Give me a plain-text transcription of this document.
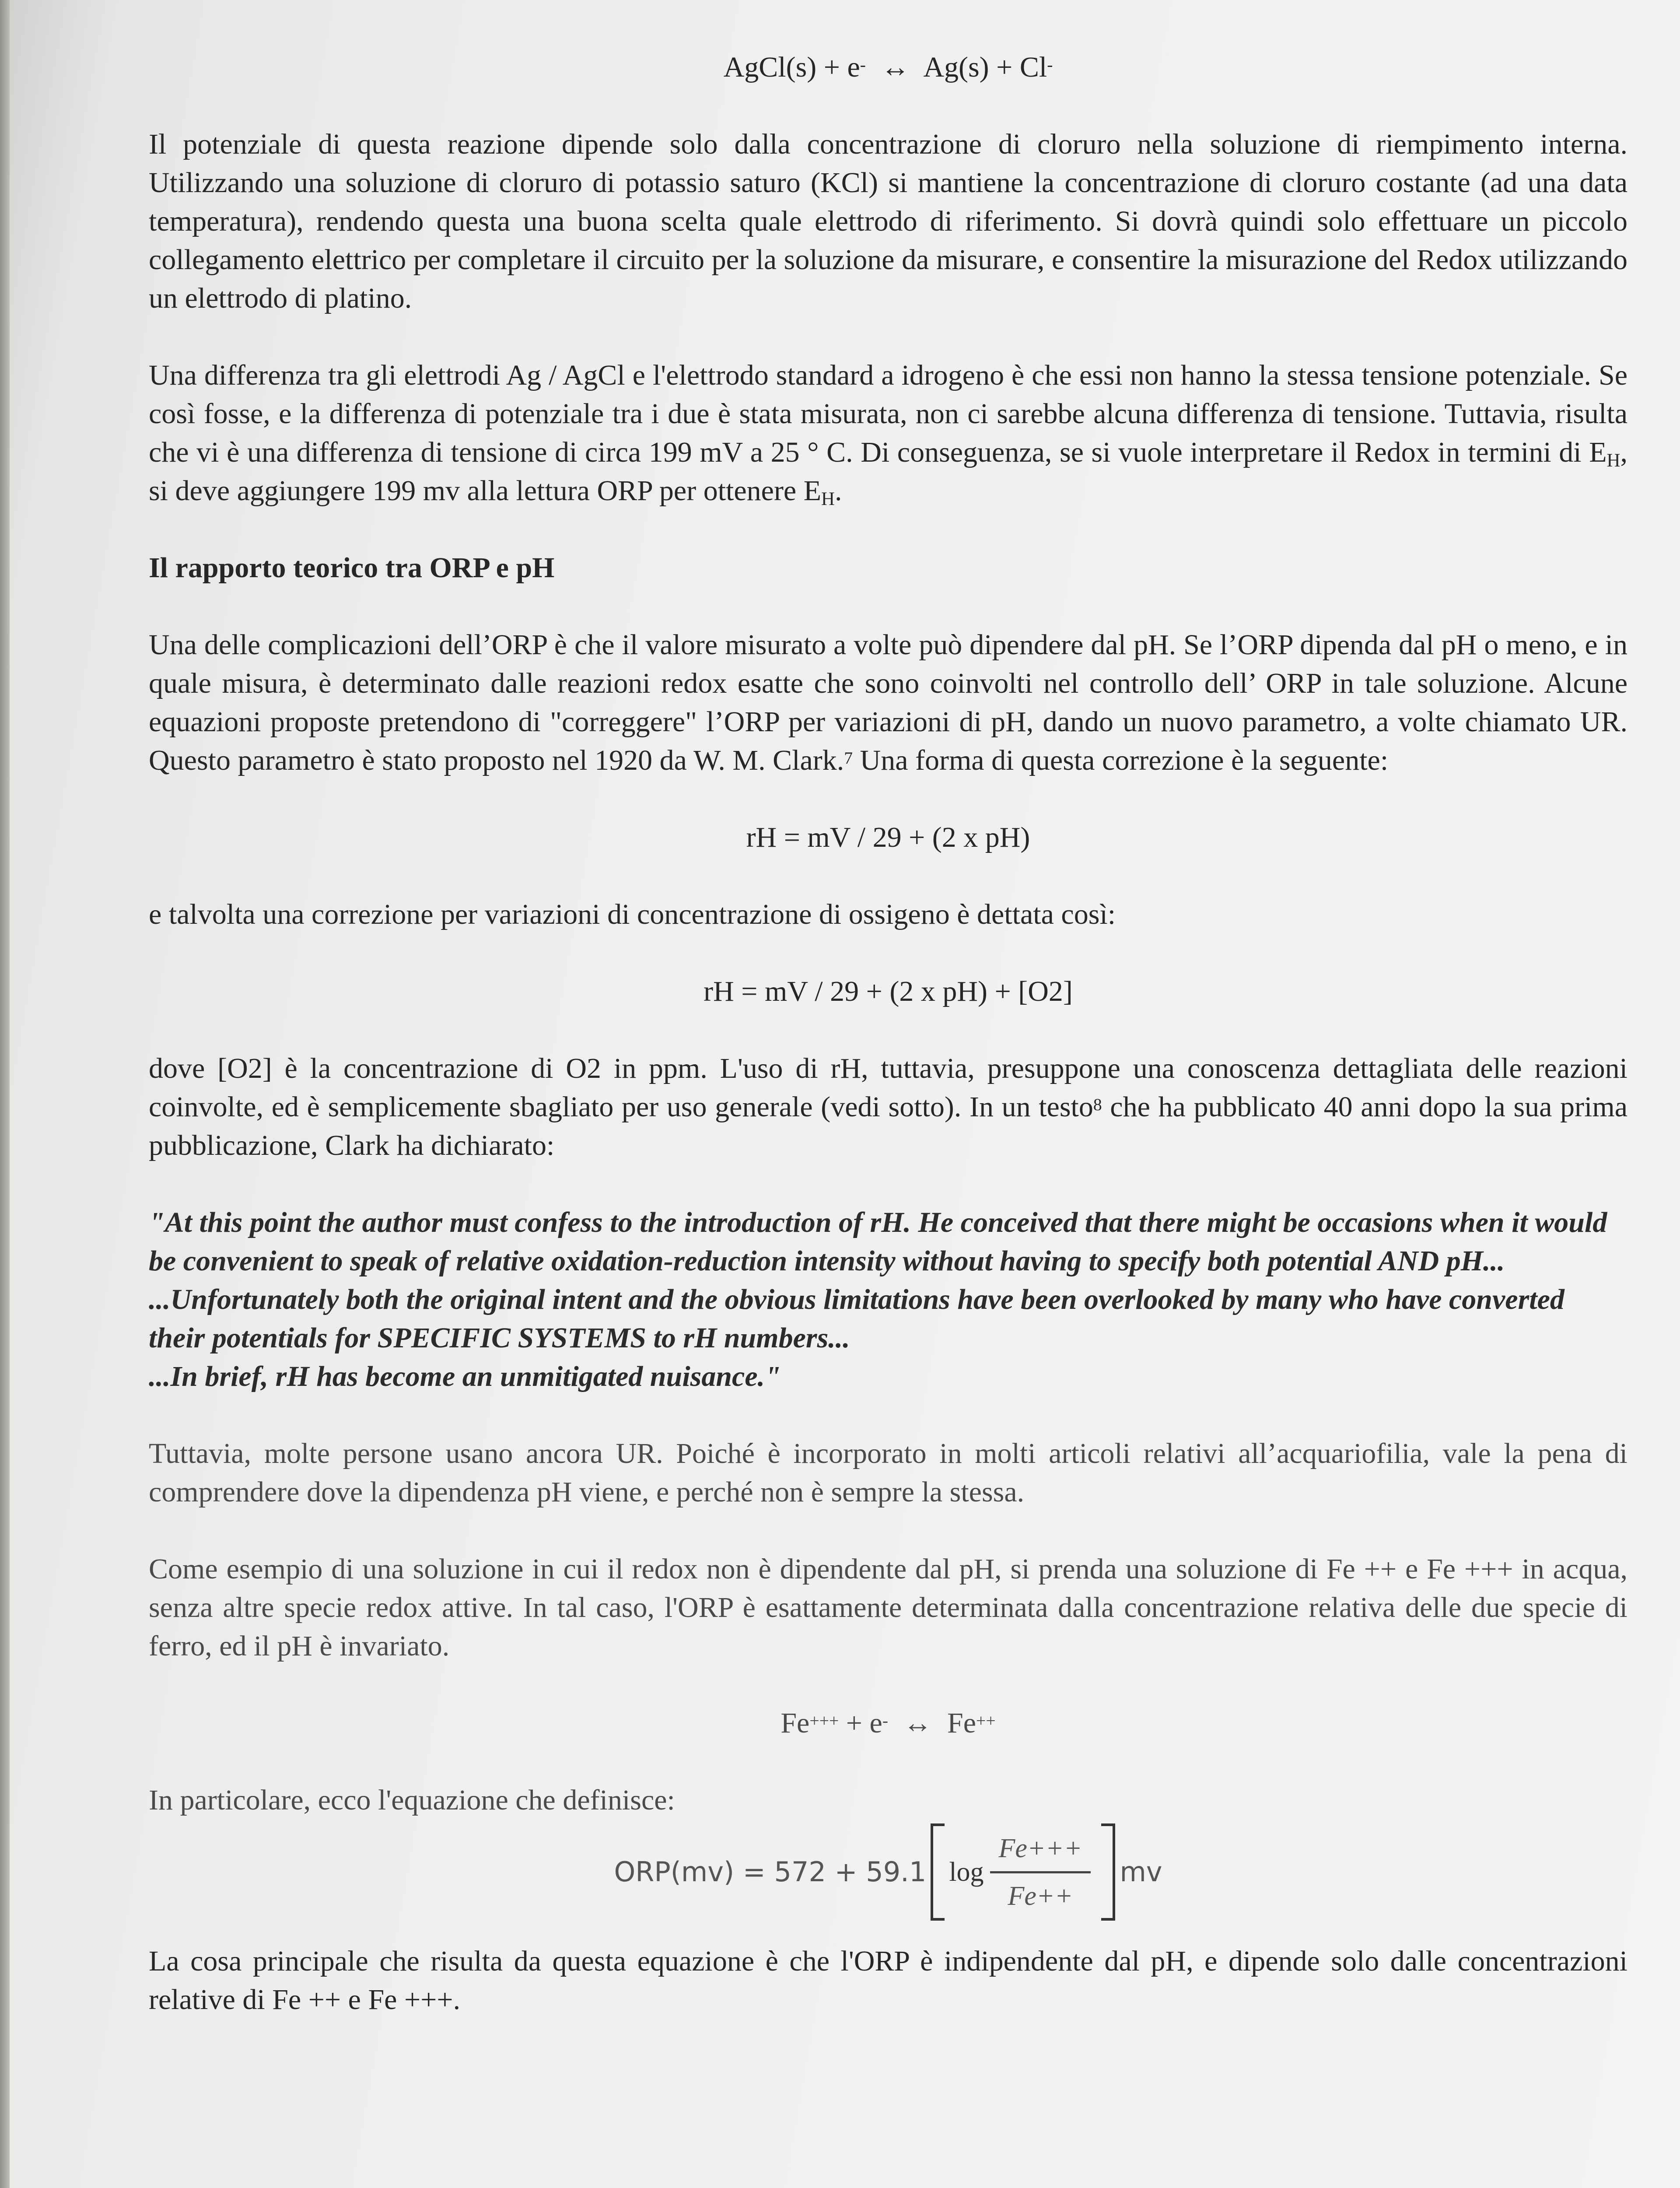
AgCl(s) + e- ↔ Ag(s) + Cl-

Il potenziale di questa reazione dipende solo dalla concentrazione di cloruro nella soluzione di riempimento interna. Utilizzando una soluzione di cloruro di potassio saturo (KCl) si mantiene la concentrazione di cloruro costante (ad una data temperatura), rendendo questa una buona scelta quale elettrodo di riferimento. Si dovrà quindi solo effettuare un piccolo collegamento elettrico per completare il circuito per la soluzione da misurare, e consentire la misurazione del Redox utilizzando un elettrodo di platino.

Una differenza tra gli elettrodi Ag / AgCl e l'elettrodo standard a idrogeno è che essi non hanno la stessa tensione potenziale. Se così fosse, e la differenza di potenziale tra i due è stata misurata, non ci sarebbe alcuna differenza di tensione. Tuttavia, risulta che vi è una differenza di tensione di circa 199 mV a 25 ° C. Di conseguenza, se si vuole interpretare il Redox in termini di $E_H$, si deve aggiungere 199 mv alla lettura ORP per ottenere $E_H$.

Il rapporto teorico tra ORP e pH

Una delle complicazioni dell’ORP è che il valore misurato a volte può dipendere dal pH. Se l’ORP dipenda dal pH o meno, e in quale misura, è determinato dalle reazioni redox esatte che sono coinvolti nel controllo dell’ ORP in tale soluzione. Alcune equazioni proposte pretendono di "correggere" l’ORP per variazioni di pH, dando un nuovo parametro, a volte chiamato UR. Questo parametro è stato proposto nel 1920 da W. M. Clark.$^7$ Una forma di questa correzione è la seguente:

rH = mV / 29 + (2 x pH)

e talvolta una correzione per variazioni di concentrazione di ossigeno è dettata così:

rH = mV / 29 + (2 x pH) + [O2]

dove [O2] è la concentrazione di O2 in ppm. L'uso di rH, tuttavia, presuppone una conoscenza dettagliata delle reazioni coinvolte, ed è semplicemente sbagliato per uso generale (vedi sotto). In un testo$^8$ che ha pubblicato 40 anni dopo la sua prima pubblicazione, Clark ha dichiarato:

"At this point the author must confess to the introduction of rH. He conceived that there might be occasions when it would be convenient to speak of relative oxidation-reduction intensity without having to specify both potential AND pH...

...Unfortunately both the original intent and the obvious limitations have been overlooked by many who have converted their potentials for SPECIFIC SYSTEMS to rH numbers...

...In brief, rH has become an unmitigated nuisance."

Tuttavia, molte persone usano ancora UR. Poiché è incorporato in molti articoli relativi all’acquariofilia, vale la pena di comprendere dove la dipendenza pH viene, e perché non è sempre la stessa.

Come esempio di una soluzione in cui il redox non è dipendente dal pH, si prenda una soluzione di Fe ++ e Fe +++ in acqua, senza altre specie redox attive. In tal caso, l'ORP è esattamente determinata dalla concentrazione relativa delle due specie di ferro, ed il pH è invariato.

Fe+++ + e- ↔ Fe++

In particolare, ecco l'equazione che definisce:

ORP(mv) = 572 + 59.1 $\log \frac{Fe+++}{Fe++}$ mv

La cosa principale che risulta da questa equazione è che l'ORP è indipendente dal pH, e dipende solo dalle concentrazioni relative di Fe ++ e Fe +++.
